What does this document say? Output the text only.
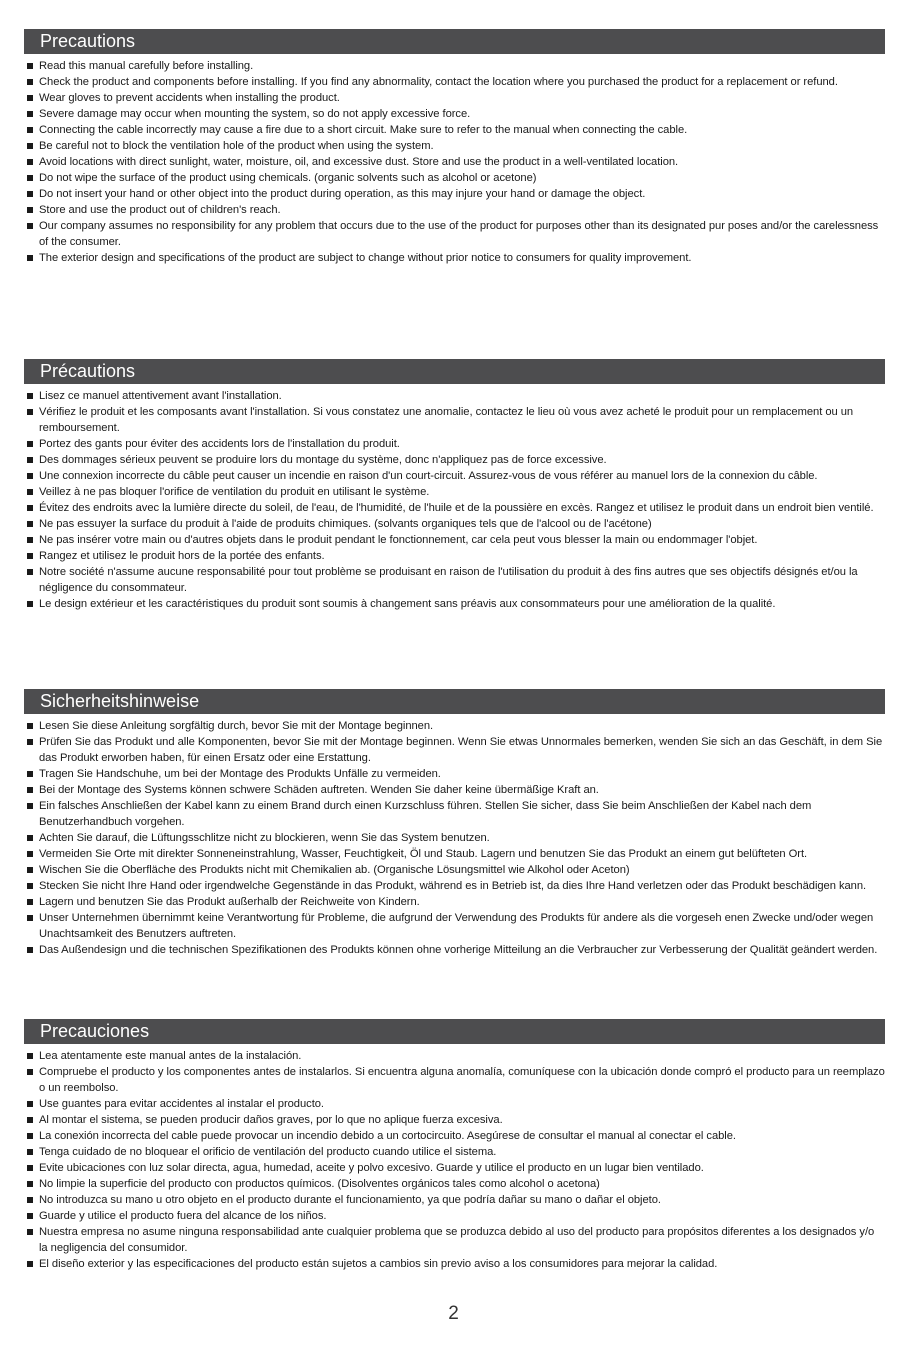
Precautions
Read this manual carefully before installing.
Check the product and components before installing. If you find any abnormality, contact the location where you purchased the product for a replacement or refund.
Wear gloves to prevent accidents when installing the product.
Severe damage may occur when mounting the system, so do not apply excessive force.
Connecting the cable incorrectly may cause a fire due to a short circuit. Make sure to refer to the manual when connecting the cable.
Be careful not to block the ventilation hole of the product when using the system.
Avoid locations with direct sunlight, water, moisture, oil, and excessive dust. Store and use the product in a well-ventilated location.
Do not wipe the surface of the product using chemicals. (organic solvents such as alcohol or acetone)
Do not insert your hand or other object into the product during operation, as this may injure your hand or damage the object.
Store and use the product out of children's reach.
Our company assumes no responsibility for any problem that occurs due to the use of the product for purposes other than its designated pur poses and/or the carelessness of the consumer.
The exterior design and specifications of the product are subject to change without prior notice to consumers for quality improvement.
Précautions
Lisez ce manuel attentivement avant l'installation.
Vérifiez le produit et les composants avant l'installation. Si vous constatez une anomalie, contactez le lieu où vous avez acheté le produit pour un remplacement ou un remboursement.
Portez des gants pour éviter des accidents lors de l'installation du produit.
Des dommages sérieux peuvent se produire lors du montage du système, donc n'appliquez pas de force excessive.
Une connexion incorrecte du câble peut causer un incendie en raison d'un court-circuit. Assurez-vous de vous référer au manuel lors de la connexion du câble.
Veillez à ne pas bloquer l'orifice de ventilation du produit en utilisant le système.
Évitez des endroits avec la lumière directe du soleil, de l'eau, de l'humidité, de l'huile et de la poussière en excès. Rangez et utilisez le produit dans un endroit bien ventilé.
Ne pas essuyer la surface du produit à l'aide de produits chimiques. (solvants organiques tels que de l'alcool ou de l'acétone)
Ne pas insérer votre main ou d'autres objets dans le produit pendant le fonctionnement, car cela peut vous blesser la main ou endommager l'objet.
Rangez et utilisez le produit hors de la portée des enfants.
Notre société n'assume aucune responsabilité pour tout problème se produisant en raison de l'utilisation du produit à des fins autres que ses objectifs désignés et/ou la négligence du consommateur.
Le design extérieur et les caractéristiques du produit sont soumis à changement sans préavis aux consommateurs pour une amélioration de la qualité.
Sicherheitshinweise
Lesen Sie diese Anleitung sorgfältig durch, bevor Sie mit der Montage beginnen.
Prüfen Sie das Produkt und alle Komponenten, bevor Sie mit der Montage beginnen. Wenn Sie etwas Unnormales bemerken, wenden Sie sich an das Geschäft, in dem Sie das Produkt erworben haben, für einen Ersatz oder eine Erstattung.
Tragen Sie Handschuhe, um bei der Montage des Produkts Unfälle zu vermeiden.
Bei der Montage des Systems können schwere Schäden auftreten. Wenden Sie daher keine übermäßige Kraft an.
Ein falsches Anschließen der Kabel kann zu einem Brand durch einen Kurzschluss führen. Stellen Sie sicher, dass Sie beim Anschließen der Kabel nach dem Benutzerhandbuch vorgehen.
Achten Sie darauf, die Lüftungsschlitze nicht zu blockieren, wenn Sie das System benutzen.
Vermeiden Sie Orte mit direkter Sonneneinstrahlung, Wasser, Feuchtigkeit, Öl und Staub. Lagern und benutzen Sie das Produkt an einem gut belüfteten Ort.
Wischen Sie die Oberfläche des Produkts nicht mit Chemikalien ab. (Organische Lösungsmittel wie Alkohol oder Aceton)
Stecken Sie nicht Ihre Hand oder irgendwelche Gegenstände in das Produkt, während es in Betrieb ist, da dies Ihre Hand verletzen oder das Produkt beschädigen kann.
Lagern und benutzen Sie das Produkt außerhalb der Reichweite von Kindern.
Unser Unternehmen übernimmt keine Verantwortung für Probleme, die aufgrund der Verwendung des Produkts für andere als die vorgeseh enen Zwecke und/oder wegen Unachtsamkeit des Benutzers auftreten.
Das Außendesign und die technischen Spezifikationen des Produkts können ohne vorherige Mitteilung an die Verbraucher zur Verbesserung der Qualität geändert werden.
Precauciones
Lea atentamente este manual antes de la instalación.
Compruebe el producto y los componentes antes de instalarlos. Si encuentra alguna anomalía, comuníquese con la ubicación donde compró el producto para un reemplazo o un reembolso.
Use guantes para evitar accidentes al instalar el producto.
Al montar el sistema, se pueden producir daños graves, por lo que no aplique fuerza excesiva.
La conexión incorrecta del cable puede provocar un incendio debido a un cortocircuito. Asegúrese de consultar el manual al conectar el cable.
Tenga cuidado de no bloquear el orificio de ventilación del producto cuando utilice el sistema.
Evite ubicaciones con luz solar directa, agua, humedad, aceite y polvo excesivo. Guarde y utilice el producto en un lugar bien ventilado.
No limpie la superficie del producto con productos químicos. (Disolventes orgánicos tales como alcohol o acetona)
No introduzca su mano u otro objeto en el producto durante el funcionamiento, ya que podría dañar su mano o dañar el objeto.
Guarde y utilice el producto fuera del alcance de los niños.
Nuestra empresa no asume ninguna responsabilidad ante cualquier problema que se produzca debido al uso del producto para propósitos diferentes a los designados y/o la negligencia del consumidor.
El diseño exterior y las especificaciones del producto están sujetos a cambios sin previo aviso a los consumidores para mejorar la calidad.
2
